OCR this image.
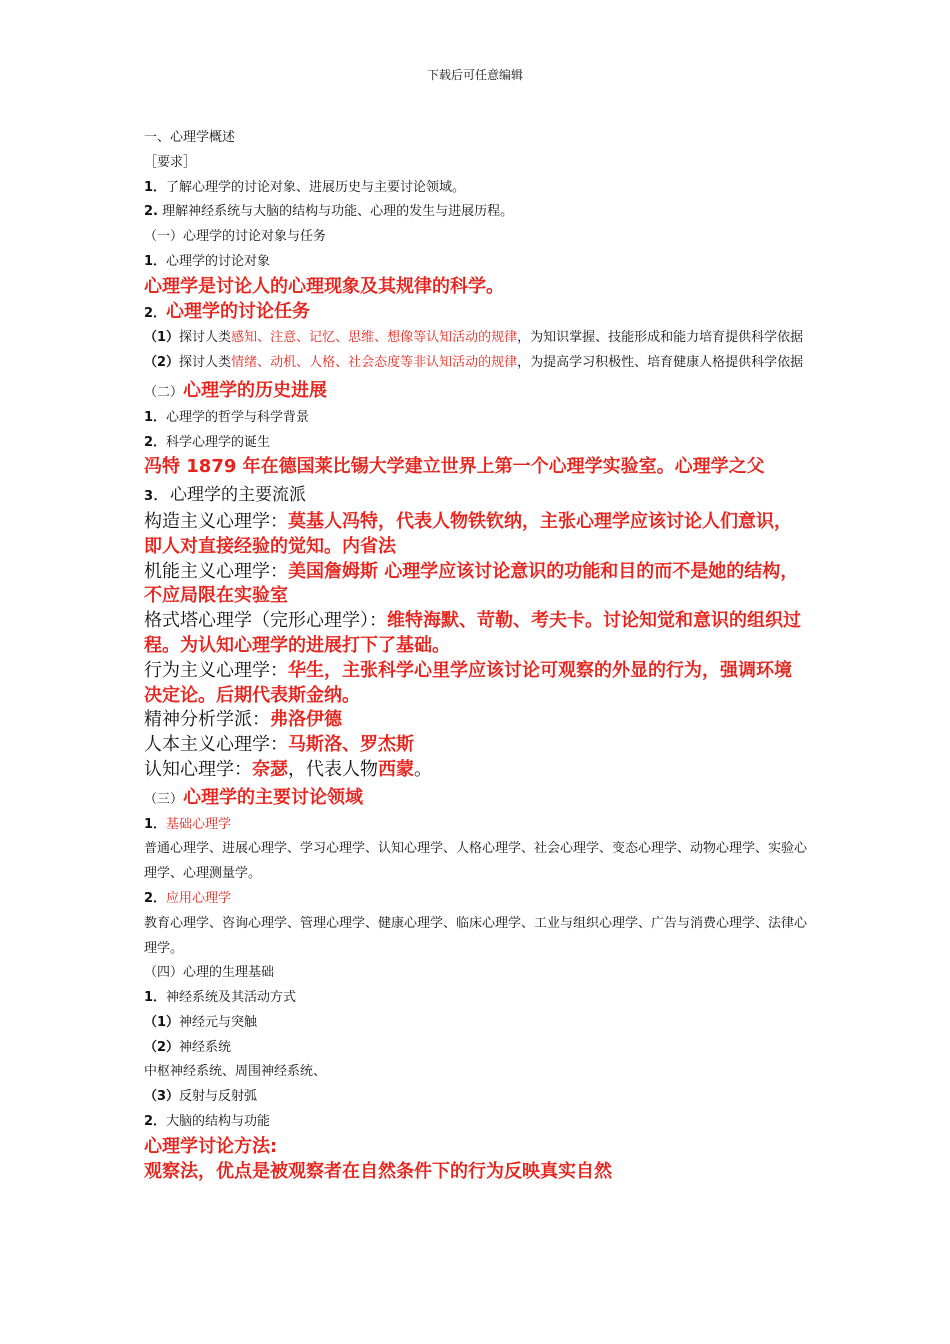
下载后可任意编辑
一、心理学概述
［要求］
1．了解心理学的讨论对象、进展历史与主要讨论领域。
2. 理解神经系统与大脑的结构与功能、心理的发生与进展历程。
（一）心理学的讨论对象与任务
1．心理学的讨论对象
心理学是讨论人的心理现象及其规律的科学。
2．心理学的讨论任务
（1）探讨人类感知、注意、记忆、思维、想像等认知活动的规律，为知识掌握、技能形成和能力培育提供科学依据
（2）探讨人类情绪、动机、人格、社会态度等非认知活动的规律，为提高学习积极性、培育健康人格提供科学依据
（二）心理学的历史进展
1．心理学的哲学与科学背景
2．科学心理学的诞生
冯特 1879 年在德国莱比锡大学建立世界上第一个心理学实验室。心理学之父
3．心理学的主要流派
构造主义心理学：莫基人冯特，代表人物铁钦纳，主张心理学应该讨论人们意识，即人对直接经验的觉知。内省法
机能主义心理学：美国詹姆斯 心理学应该讨论意识的功能和目的而不是她的结构，不应局限在实验室
格式塔心理学（完形心理学）：维特海默、苛勒、考夫卡。讨论知觉和意识的组织过程。为认知心理学的进展打下了基础。
行为主义心理学：华生，主张科学心里学应该讨论可观察的外显的行为，强调环境决定论。后期代表斯金纳。
精神分析学派：弗洛伊德
人本主义心理学：马斯洛、罗杰斯
认知心理学：奈瑟，代表人物西蒙。
（三）心理学的主要讨论领域
1．基础心理学
普通心理学、进展心理学、学习心理学、认知心理学、人格心理学、社会心理学、变态心理学、动物心理学、实验心理学、心理测量学。
2．应用心理学
教育心理学、咨询心理学、管理心理学、健康心理学、临床心理学、工业与组织心理学、广告与消费心理学、法律心理学。
（四）心理的生理基础
1．神经系统及其活动方式
（1）神经元与突触
（2）神经系统
中枢神经系统、周围神经系统、
（3）反射与反射弧
2．大脑的结构与功能
心理学讨论方法:
观察法，优点是被观察者在自然条件下的行为反映真实自然
